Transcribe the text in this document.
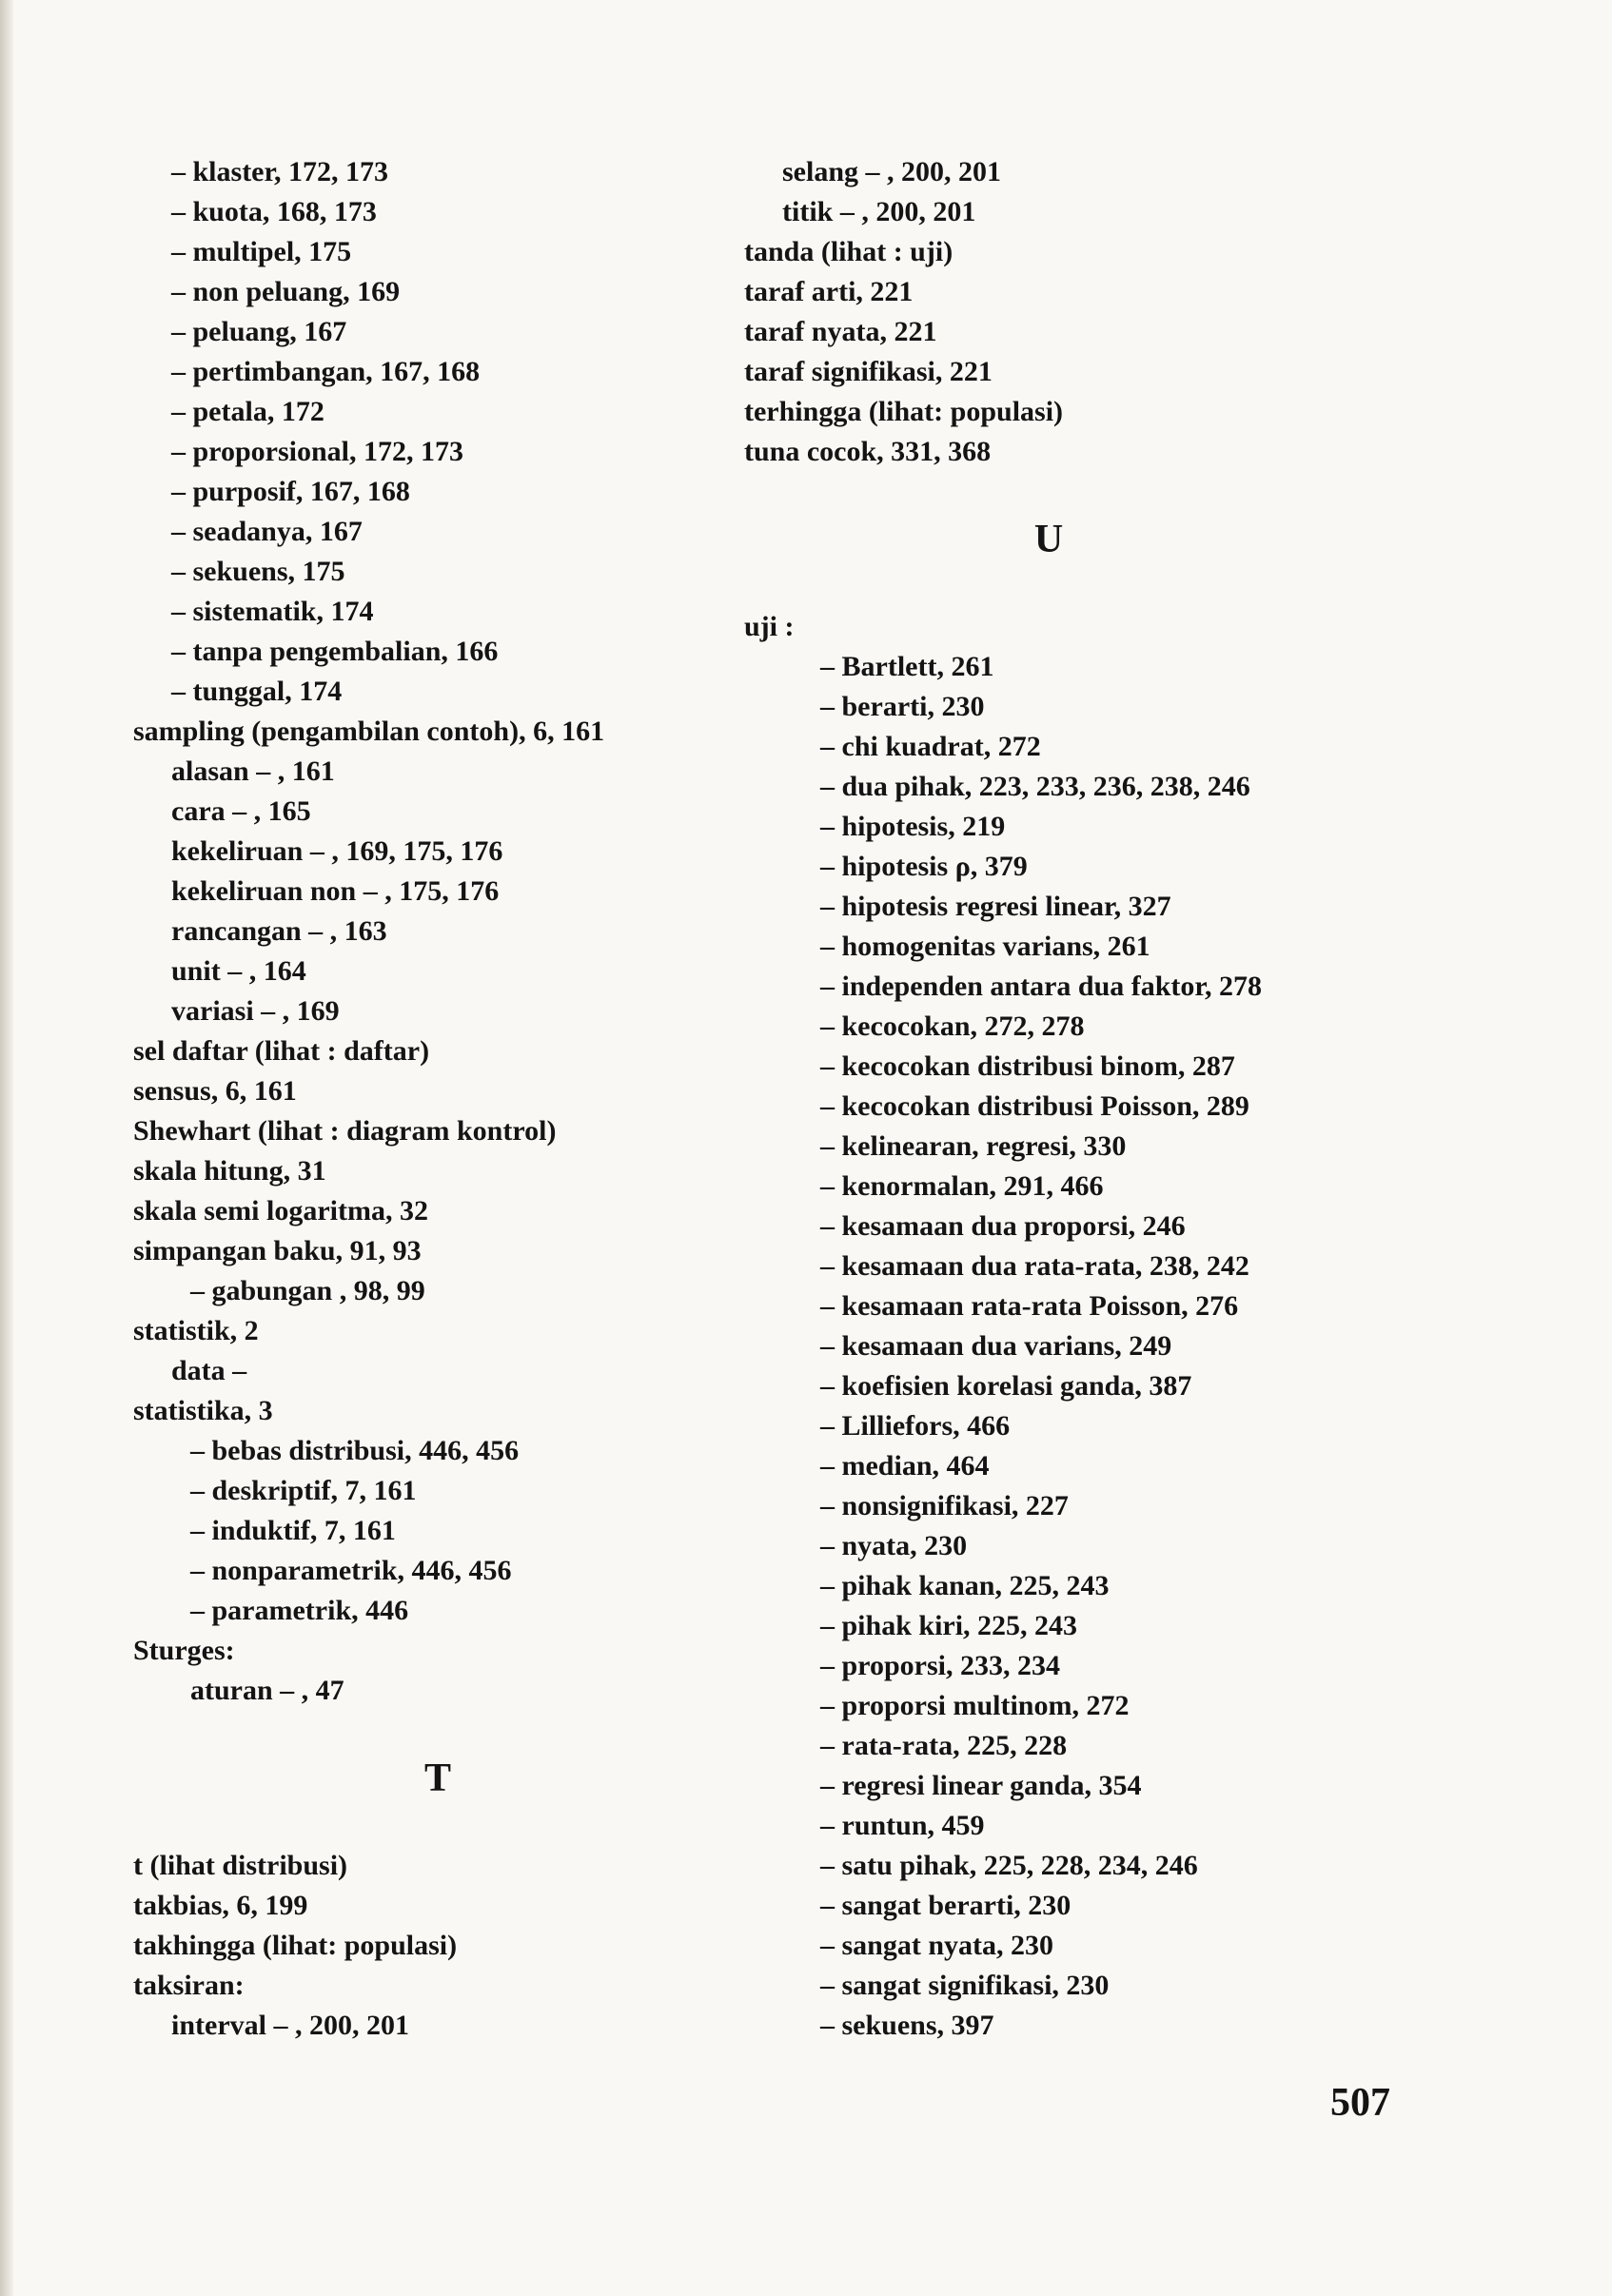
– klaster, 172, 173
– kuota, 168, 173
– multipel, 175
– non peluang, 169
– peluang, 167
– pertimbangan, 167, 168
– petala, 172
– proporsional, 172, 173
– purposif, 167, 168
– seadanya, 167
– sekuens, 175
– sistematik, 174
– tanpa pengembalian, 166
– tunggal, 174
sampling (pengambilan contoh), 6, 161
alasan – , 161
cara – , 165
kekeliruan – , 169, 175, 176
kekeliruan non – , 175, 176
rancangan – , 163
unit – , 164
variasi – , 169
sel daftar (lihat : daftar)
sensus, 6, 161
Shewhart (lihat : diagram kontrol)
skala hitung, 31
skala semi logaritma, 32
simpangan baku, 91, 93
– gabungan , 98, 99
statistik, 2
data –
statistika, 3
– bebas distribusi, 446, 456
– deskriptif, 7, 161
– induktif, 7, 161
– nonparametrik, 446, 456
– parametrik, 446
Sturges:
aturan – , 47
T
t (lihat distribusi)
takbias, 6, 199
takhingga (lihat: populasi)
taksiran:
interval – , 200, 201
selang – , 200, 201
titik – , 200, 201
tanda (lihat : uji)
taraf arti, 221
taraf nyata, 221
taraf signifikasi, 221
terhingga (lihat: populasi)
tuna cocok, 331, 368
U
uji :
– Bartlett, 261
– berarti, 230
– chi kuadrat, 272
– dua pihak, 223, 233, 236, 238, 246
– hipotesis, 219
– hipotesis ρ, 379
– hipotesis regresi linear, 327
– homogenitas varians, 261
– independen antara dua faktor, 278
– kecocokan, 272, 278
– kecocokan distribusi binom, 287
– kecocokan distribusi Poisson, 289
– kelinearan, regresi, 330
– kenormalan, 291, 466
– kesamaan dua proporsi, 246
– kesamaan dua rata-rata, 238, 242
– kesamaan rata-rata Poisson, 276
– kesamaan dua varians, 249
– koefisien korelasi ganda, 387
– Lilliefors, 466
– median, 464
– nonsignifikasi, 227
– nyata, 230
– pihak kanan, 225, 243
– pihak kiri, 225, 243
– proporsi, 233, 234
– proporsi multinom, 272
– rata-rata, 225, 228
– regresi linear ganda, 354
– runtun, 459
– satu pihak, 225, 228, 234, 246
– sangat berarti, 230
– sangat nyata, 230
– sangat signifikasi, 230
– sekuens, 397
507
